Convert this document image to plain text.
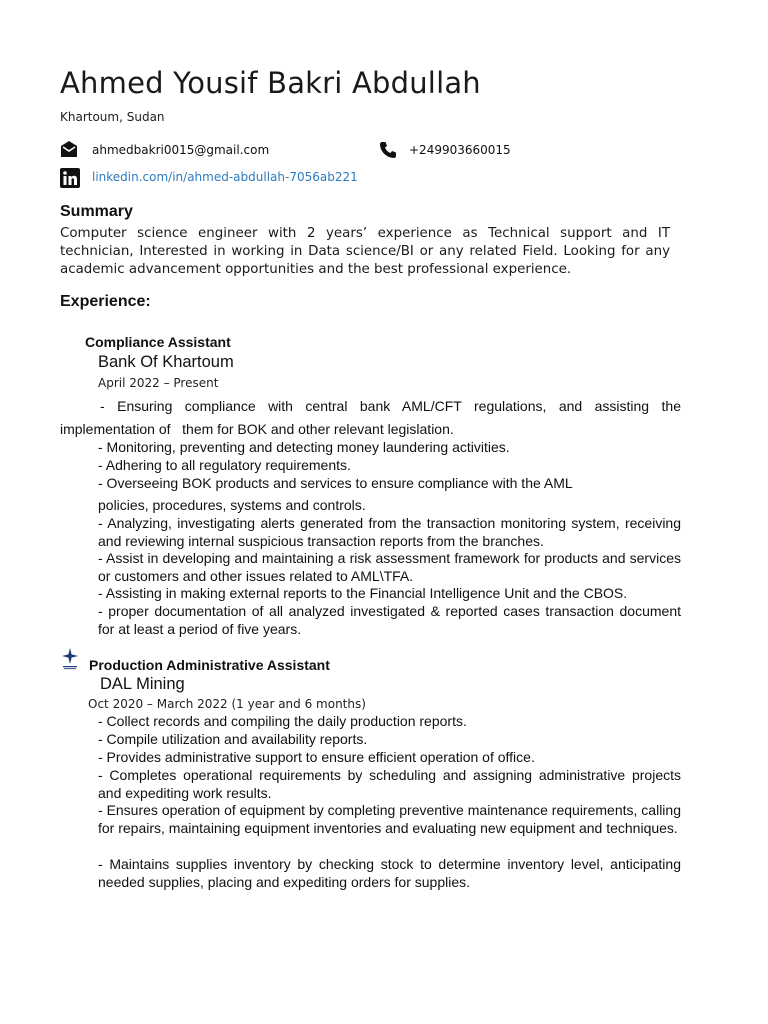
Ahmed Yousif Bakri Abdullah
Khartoum, Sudan
ahmedbakri0015@gmail.com	+249903660015
linkedin.com/in/ahmed-abdullah-7056ab221
Summary
Computer science engineer with 2 years’ experience as Technical support and IT technician, Interested in working in Data science/BI or any related Field. Looking for any academic advancement opportunities and the best professional experience.
Experience:
Compliance Assistant
Bank Of Khartoum
April 2022 – Present
- Ensuring compliance with central bank AML/CFT regulations, and assisting the
implementation of   them for BOK and other relevant legislation.
- Monitoring, preventing and detecting money laundering activities.
- Adhering to all regulatory requirements.
- Overseeing BOK products and services to ensure compliance with the AML
policies, procedures, systems and controls.
- Analyzing, investigating alerts generated from the transaction monitoring system, receiving and reviewing internal suspicious transaction reports from the branches.
- Assist in developing and maintaining a risk assessment framework for products and services or customers and other issues related to AML\TFA.
- Assisting in making external reports to the Financial Intelligence Unit and the CBOS.
- proper documentation of all analyzed investigated & reported cases transaction document for at least a period of five years.
Production Administrative Assistant
DAL Mining
Oct 2020 – March 2022 (1 year and 6 months)
- Collect records and compiling the daily production reports.
- Compile utilization and availability reports.
- Provides administrative support to ensure efficient operation of office.
- Completes operational requirements by scheduling and assigning administrative projects and expediting work results.
- Ensures operation of equipment by completing preventive maintenance requirements, calling for repairs, maintaining equipment inventories and evaluating new equipment and techniques.
- Maintains supplies inventory by checking stock to determine inventory level, anticipating needed supplies, placing and expediting orders for supplies.
